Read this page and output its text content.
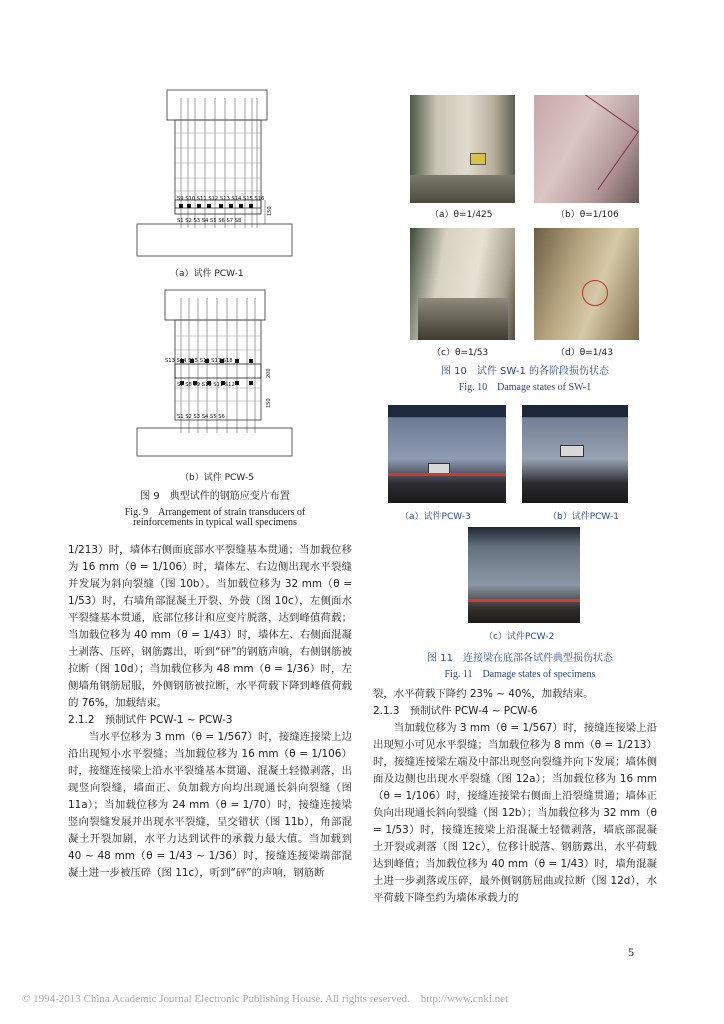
S9 S10 S11 S12 S13 S14 S15 S16
S1 S2 S3 S4 S5 S6 S7 S8
150
（a）试件 PCW-1
S13 S14 S15 S16 S17 S18
S7 S8 S9 S10 S11 S12
S1 S2 S3 S4 S5 S6
200
150
（b）试件 PCW-5
图 9　典型试件的钢筋应变片布置
Fig. 9　Arrangement of strain transducers of
reinforcements in typical wall specimens
（a）θ=1/425	（b）θ=1/106
（c）θ=1/53	（d）θ=1/43
图 10　试件 SW-1 的各阶段损伤状态
Fig. 10　Damage states of SW-1
（a）试件PCW-3	（b）试件PCW-1
（c）试件PCW-2
图 11　连接梁在底部各试件典型损伤状态
Fig. 11　Damage states of specimens

1/213）时，墙体右侧面底部水平裂缝基本贯通；当加载位移为 16 mm（θ = 1/106）时，墙体左、右边侧出现水平裂缝并发展为斜向裂缝（图 10b）。当加载位移为 32 mm（θ = 1/53）时，右墙角部混凝土开裂、外鼓（图 10c），左侧面水平裂缝基本贯通，底部位移计和应变片脱落，达到峰值荷载；当加载位移为 40 mm（θ = 1/43）时，墙体左、右侧面混凝土剥落、压碎，钢筋露出，听到“砰”的钢筋声响，右侧钢筋被拉断（图 10d）；当加载位移为 48 mm（θ = 1/36）时，左侧墙角钢筋屈服，外侧钢筋被拉断，水平荷载下降到峰值荷载的 76%，加载结束。

2.1.2　预制试件 PCW-1 ~ PCW-3

当水平位移为 3 mm（θ = 1/567）时，接缝连接梁上边沿出现短小水平裂缝；当加载位移为 16 mm（θ = 1/106）时，接缝连接梁上沿水平裂缝基本贯通、混凝土轻微剥落，出现竖向裂缝，墙面正、负加载方向均出现通长斜向裂缝（图 11a）；当加载位移为 24 mm（θ = 1/70）时，接缝连接梁竖向裂缝发展并出现水平裂缝，呈交错状（图 11b），角部混凝土开裂加剧，水平力达到试件的承载力最大值。当加载到 40 ~ 48 mm（θ = 1/43 ~ 1/36）时，接缝连接梁端部混凝土进一步被压碎（图 11c），听到“砰”的声响，钢筋断

裂，水平荷载下降约 23% ~ 40%，加载结束。

2.1.3　预制试件 PCW-4 ~ PCW-6

当加载位移为 3 mm（θ = 1/567）时，接缝连接梁上沿出现短小可见水平裂缝；当加载位移为 8 mm（θ = 1/213）时，接缝连接梁左端及中部出现竖向裂缝并向下发展；墙体侧面及边侧也出现水平裂缝（图 12a）；当加载位移为 16 mm（θ = 1/106）时，接缝连接梁右侧面上沿裂缝贯通；墙体正负向出现通长斜向裂缝（图 12b）；当加载位移为 32 mm（θ = 1/53）时，接缝连接梁上沿混凝土轻微剥落，墙底部混凝土开裂或剥落（图 12c），位移计脱落、钢筋露出，水平荷载达到峰值；当加载位移为 40 mm（θ = 1/43）时，墙角混凝土进一步剥落或压碎，最外侧钢筋屈曲或拉断（图 12d），水平荷载下降至约为墙体承载力的

5
© 1994-2013 China Academic Journal Electronic Publishing House. All rights reserved.　http://www.cnki.net
